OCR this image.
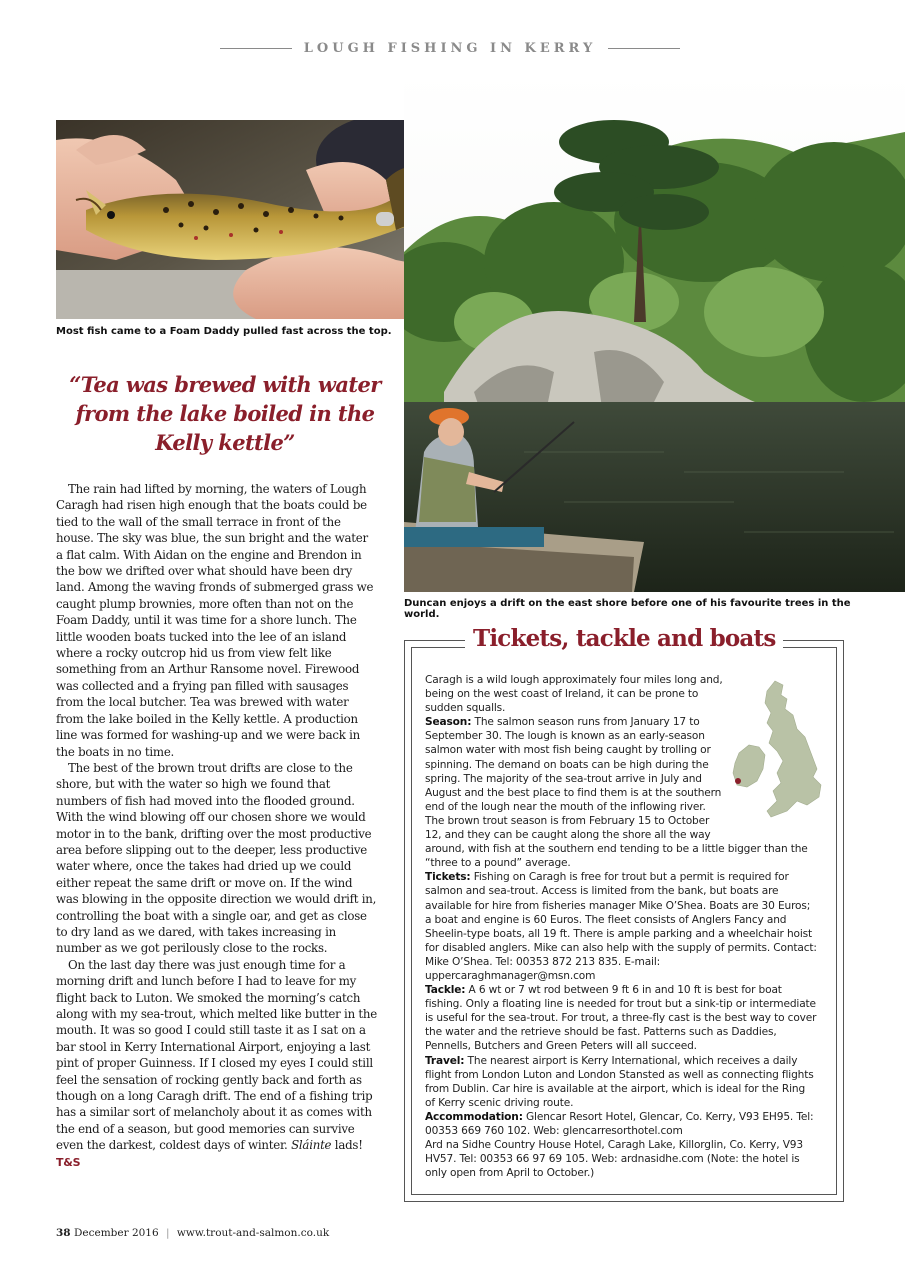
LOUGH FISHING IN KERRY
Most fish came to a Foam Daddy pulled fast across the top.
Duncan enjoys a drift on the east shore before one of his favourite trees in the world.
“Tea was brewed with water from the lake boiled in the Kelly kettle”

The rain had lifted by morning, the waters of Lough Caragh had risen high enough that the boats could be tied to the wall of the small terrace in front of the house. The sky was blue, the sun bright and the water a flat calm. With Aidan on the engine and Brendon in the bow we drifted over what should have been dry land. Among the waving fronds of submerged grass we caught plump brownies, more often than not on the Foam Daddy, until it was time for a shore lunch. The little wooden boats tucked into the lee of an island where a rocky outcrop hid us from view felt like something from an Arthur Ransome novel. Firewood was collected and a frying pan filled with sausages from the local butcher. Tea was brewed with water from the lake boiled in the Kelly kettle. A production line was formed for washing-up and we were back in the boats in no time.

The best of the brown trout drifts are close to the shore, but with the water so high we found that numbers of fish had moved into the flooded ground. With the wind blowing off our chosen shore we would motor in to the bank, drifting over the most productive area before slipping out to the deeper, less productive water where, once the takes had dried up we could either repeat the same drift or move on. If the wind was blowing in the opposite direction we would drift in, controlling the boat with a single oar, and get as close to dry land as we dared, with takes increasing in number as we got perilously close to the rocks.

On the last day there was just enough time for a morning drift and lunch before I had to leave for my flight back to Luton. We smoked the morning’s catch along with my sea-trout, which melted like butter in the mouth. It was so good I could still taste it as I sat on a bar stool in Kerry International Airport, enjoying a last pint of proper Guinness. If I closed my eyes I could still feel the sensation of rocking gently back and forth as though on a long Caragh drift. The end of a fishing trip has a similar sort of melancholy about it as comes with the end of a season, but good memories can survive even the darkest, coldest days of winter. Sláinte lads! T&S

Tickets, tackle and boats

Caragh is a wild lough approximately four miles long and, being on the west coast of Ireland, it can be prone to sudden squalls.

Season: The salmon season runs from January 17 to September 30. The lough is known as an early-season salmon water with most fish being caught by trolling or spinning. The demand on boats can be high during the spring. The majority of the sea-trout arrive in July and August and the best place to find them is at the southern end of the lough near the mouth of the inflowing river. The brown trout season is from February 15 to October 12, and they can be caught along the shore all the way around, with fish at the southern end tending to be a little bigger than the “three to a pound” average.

Tickets: Fishing on Caragh is free for trout but a permit is required for salmon and sea-trout. Access is limited from the bank, but boats are available for hire from fisheries manager Mike O’Shea. Boats are 30 Euros; a boat and engine is 60 Euros. The fleet consists of Anglers Fancy and Sheelin-type boats, all 19 ft. There is ample parking and a wheelchair hoist for disabled anglers. Mike can also help with the supply of permits. Contact: Mike O’Shea. Tel: 00353 872 213 835. E-mail: uppercaraghmanager@msn.com

Tackle: A 6 wt or 7 wt rod between 9 ft 6 in and 10 ft is best for boat fishing. Only a floating line is needed for trout but a sink-tip or intermediate is useful for the sea-trout. For trout, a three-fly cast is the best way to cover the water and the retrieve should be fast. Patterns such as Daddies, Pennells, Butchers and Green Peters will all succeed.

Travel: The nearest airport is Kerry International, which receives a daily flight from London Luton and London Stansted as well as connecting flights from Dublin. Car hire is available at the airport, which is ideal for the Ring of Kerry scenic driving route.

Accommodation: Glencar Resort Hotel, Glencar, Co. Kerry, V93 EH95. Tel: 00353 669 760 102. Web: glencarresorthotel.com

Ard na Sidhe Country House Hotel, Caragh Lake, Killorglin, Co. Kerry, V93 HV57. Tel: 00353 66 97 69 105. Web: ardnasidhe.com (Note: the hotel is only open from April to October.)

38 December 2016 | www.trout-and-salmon.co.uk
